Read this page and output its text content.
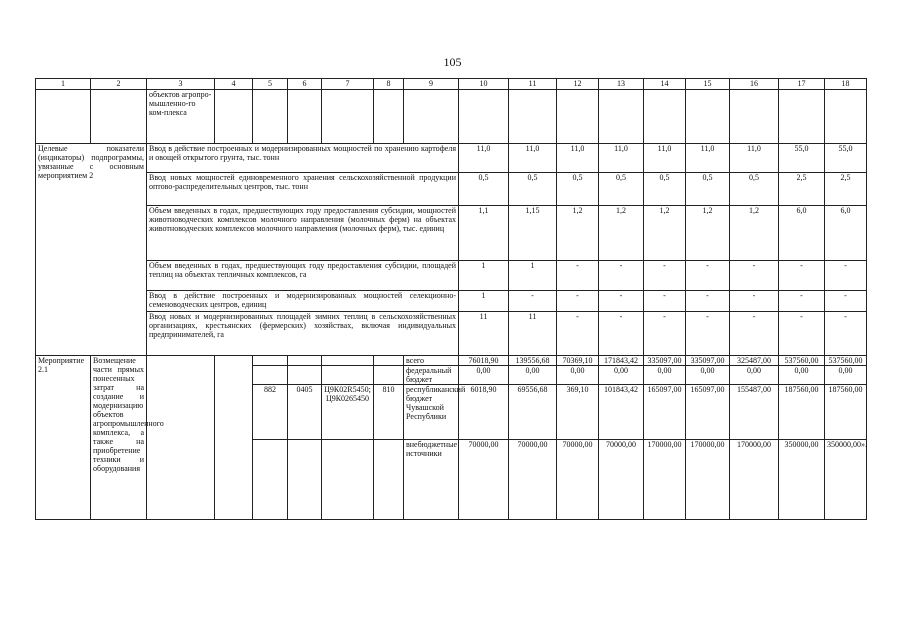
105
1	2	3	4	5	6	7	8	9	10	11	12	13	14	15	16	17	18
		объектов агропро-мышленно-го ком-плекса															
Целевые показатели (индикаторы) подпрограммы, увязанные с основным мероприятием 2		Ввод в действие построенных и модернизированных мощностей по хранению картофеля и овощей открытого грунта, тыс. тонн							11,0	11,0	11,0	11,0	11,0	11,0	11,0	55,0	55,0
		Ввод новых мощностей единовременного хранения сельскохозяйственной продукции оптово-распределительных центров, тыс. тонн							0,5	0,5	0,5	0,5	0,5	0,5	0,5	2,5	2,5
		Объем введенных в годах, предшествующих году предоставления субсидии, мощностей животноводческих комплексов молочного направления (молочных ферм) на объектах животноводческих комплексов молочного направления (молочных ферм), тыс. единиц							1,1	1,15	1,2	1,2	1,2	1,2	1,2	6,0	6,0
		Объем введенных в годах, предшествующих году предоставления субсидии, площадей теплиц на объектах тепличных комплексов, га							1	1	-	-	-	-	-	-	-
		Ввод в действие построенных и модернизированных мощностей селекционно-семеноводческих центров, единиц							1	-	-	-	-	-	-	-	-
		Ввод новых и модернизированных площадей зимних теплиц в сельскохозяйственных организациях, крестьянских (фермерских) хозяйствах, включая индивидуальных предпринимателей, га							11	11	-	-	-	-	-	-	-
Мероприятие 2.1	Возмещение части прямых понесенных затрат на создание и модернизацию объектов агропромышленного комплекса, а также на приобретение техники и оборудования							всего	76018,90	139556,68	70369,10	171843,42	335097,00	335097,00	325487,00	537560,00	537560,00
								федеральный бюджет	0,00	0,00	0,00	0,00	0,00	0,00	0,00	0,00	0,00
				882	0405	Ц9К02R5450; Ц9К0265450	810	республиканский бюджет Чувашской Республики	6018,90	69556,68	369,10	101843,42	165097,00	165097,00	155487,00	187560,00	187560,00
								внебюджетные источники	70000,00	70000,00	70000,00	70000,00	170000,00	170000,00	170000,00	350000,00	350000,00».
